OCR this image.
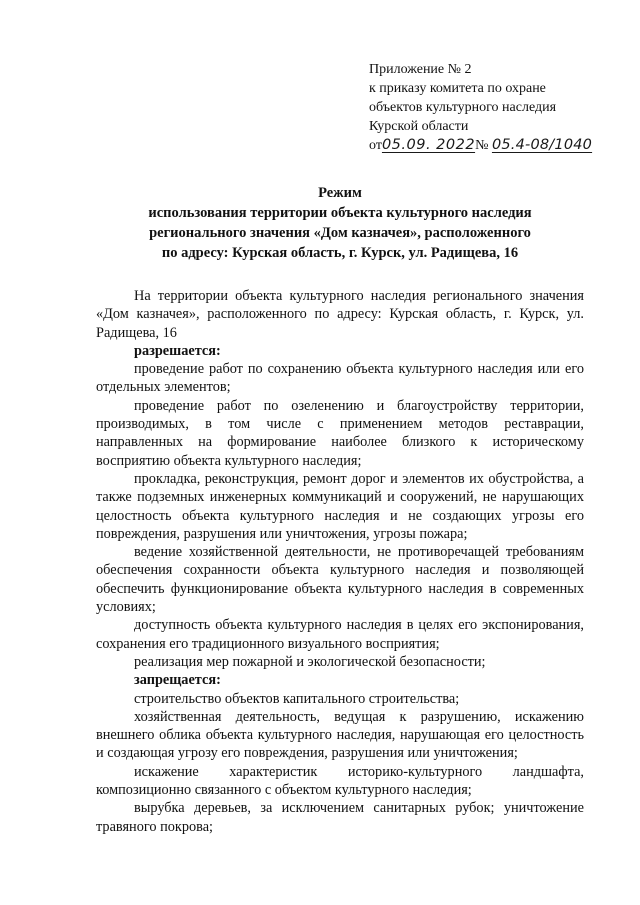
Приложение № 2
к приказу комитета по охране
объектов культурного наследия
Курской области
от05.09. 2022№ 05.4-08/1040
Режим
использования территории объекта культурного наследия
регионального значения «Дом казначея», расположенного
по адресу: Курская область, г. Курск, ул. Радищева, 16

На территории объекта культурного наследия регионального значения «Дом казначея», расположенного по адресу: Курская область, г. Курск, ул. Радищева, 16

разрешается:

проведение работ по сохранению объекта культурного наследия или его отдельных элементов;

проведение работ по озеленению и благоустройству территории, производимых, в том числе с применением методов реставрации, направленных на формирование наиболее близкого к историческому восприятию объекта культурного наследия;

прокладка, реконструкция, ремонт дорог и элементов их обустройства, а также подземных инженерных коммуникаций и сооружений, не нарушающих целостность объекта культурного наследия и не создающих угрозы его повреждения, разрушения или уничтожения, угрозы пожара;

ведение хозяйственной деятельности, не противоречащей требованиям обеспечения сохранности объекта культурного наследия и позволяющей обеспечить функционирование объекта культурного наследия в современных условиях;

доступность объекта культурного наследия в целях его экспонирования, сохранения его традиционного визуального восприятия;

реализация мер пожарной и экологической безопасности;

запрещается:

строительство объектов капитального строительства;

хозяйственная деятельность, ведущая к разрушению, искажению внешнего облика объекта культурного наследия, нарушающая его целостность и создающая угрозу его повреждения, разрушения или уничтожения;

искажение характеристик историко-культурного ландшафта, композиционно связанного с объектом культурного наследия;

вырубка деревьев, за исключением санитарных рубок; уничтожение травяного покрова;
